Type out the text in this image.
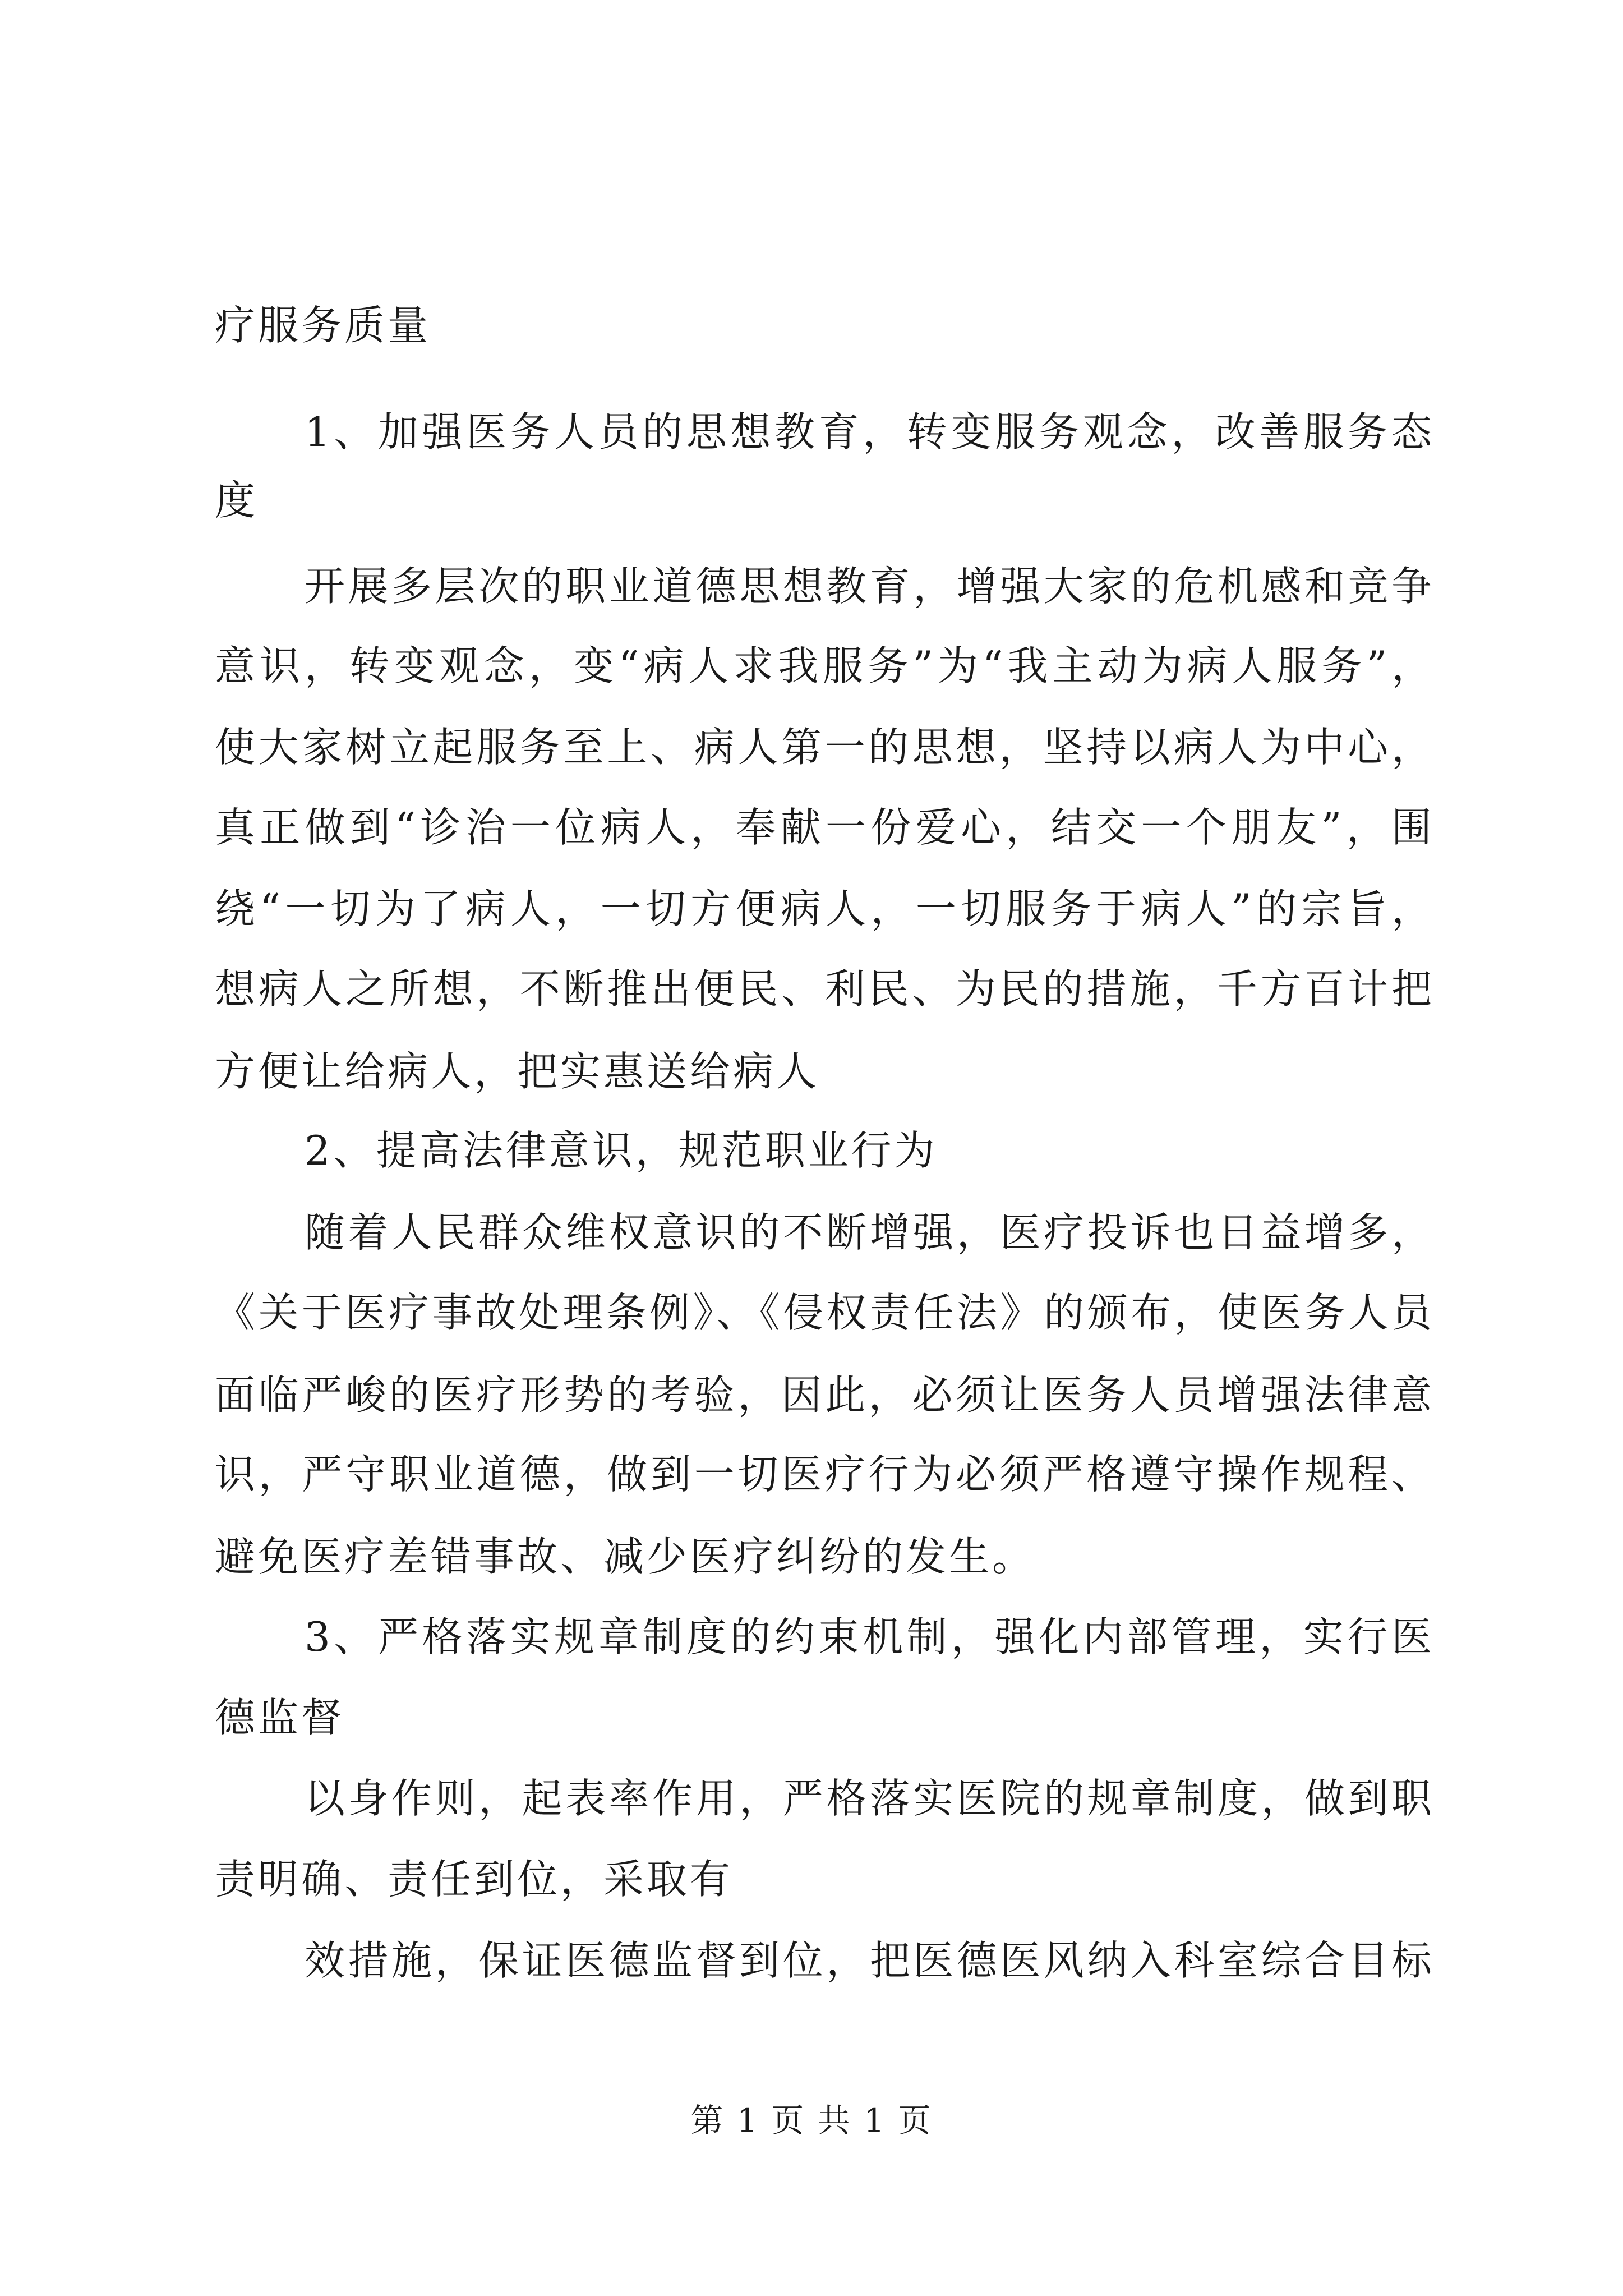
疗服务质量
1、加强医务人员的思想教育，转变服务观念，改善服务态
度
开展多层次的职业道德思想教育，增强大家的危机感和竞争
意识，转变观念，变“病人求我服务”为“我主动为病人服务”，
使大家树立起服务至上、病人第一的思想，坚持以病人为中心，
真正做到“诊治一位病人，奉献一份爱心，结交一个朋友”，围
绕“一切为了病人，一切方便病人，一切服务于病人”的宗旨，
想病人之所想，不断推出便民、利民、为民的措施，千方百计把
方便让给病人，把实惠送给病人
2、提高法律意识，规范职业行为
随着人民群众维权意识的不断增强，医疗投诉也日益增多，
《关于医疗事故处理条例》、《侵权责任法》的颁布，使医务人员
面临严峻的医疗形势的考验，因此，必须让医务人员增强法律意
识，严守职业道德，做到一切医疗行为必须严格遵守操作规程、
避免医疗差错事故、减少医疗纠纷的发生。
3、严格落实规章制度的约束机制，强化内部管理，实行医
德监督
以身作则，起表率作用，严格落实医院的规章制度，做到职
责明确、责任到位，采取有
效措施，保证医德监督到位，把医德医风纳入科室综合目标
第 1 页 共 1 页
